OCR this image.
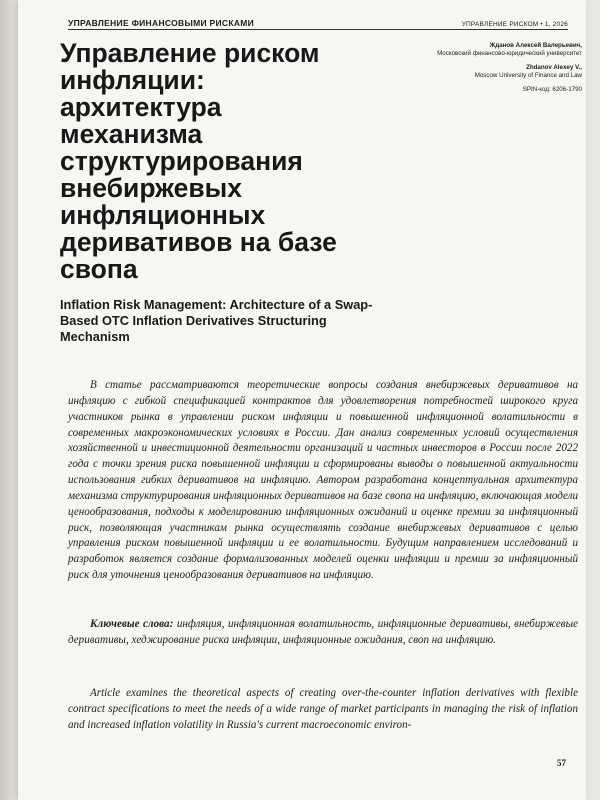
УПРАВЛЕНИЕ ФИНАНСОВЫМИ РИСКАМИ	УПРАВЛЕНИЕ РИСКОМ • 1, 2026
Управление риском инфляции: архитектура механизма структурирования внебиржевых инфляционных деривативов на базе свопа
Жданов Алексей Валерьевич,
Московский финансово-юридический университет
Zhdanov Alexey V.,
Moscow University of Finance and Law
SPIN-код: 6206-1790
Inflation Risk Management: Architecture of a Swap-Based OTC Inflation Derivatives Structuring Mechanism

В статье рассматриваются теоретические вопросы создания внебиржевых деривативов на инфляцию с гибкой спецификацией контрактов для удовлетворения потребностей широкого круга участников рынка в управлении риском инфляции и повышенной инфляционной волатильности в современных макроэкономических условиях в России. Дан анализ современных условий осуществления хозяйственной и инвестиционной деятельности организаций и частных инвесторов в России после 2022 года с точки зрения риска повышенной инфляции и сформированы выводы о повышенной актуальности использования гибких деривативов на инфляцию. Автором разработана концептуальная архитектура механизма структурирования инфляционных деривативов на базе свопа на инфляцию, включающая модели ценообразования, подходы к моделированию инфляционных ожиданий и оценке премии за инфляционный риск, позволяющая участникам рынка осуществлять создание внебиржевых деривативов с целью управления риском повышенной инфляции и ее волатильности. Будущим направлением исследований и разработок является создание формализованных моделей оценки инфляции и премии за инфляционный риск для уточнения ценообразования деривативов на инфляцию.

Ключевые слова: инфляция, инфляционная волатильность, инфляционные деривативы, внебиржевые деривативы, хеджирование риска инфляции, инфляционные ожидания, своп на инфляцию.

Article examines the theoretical aspects of creating over-the-counter inflation derivatives with flexible contract specifications to meet the needs of a wide range of market participants in managing the risk of inflation and increased inflation volatility in Russia's current macroeconomic environ-

57
